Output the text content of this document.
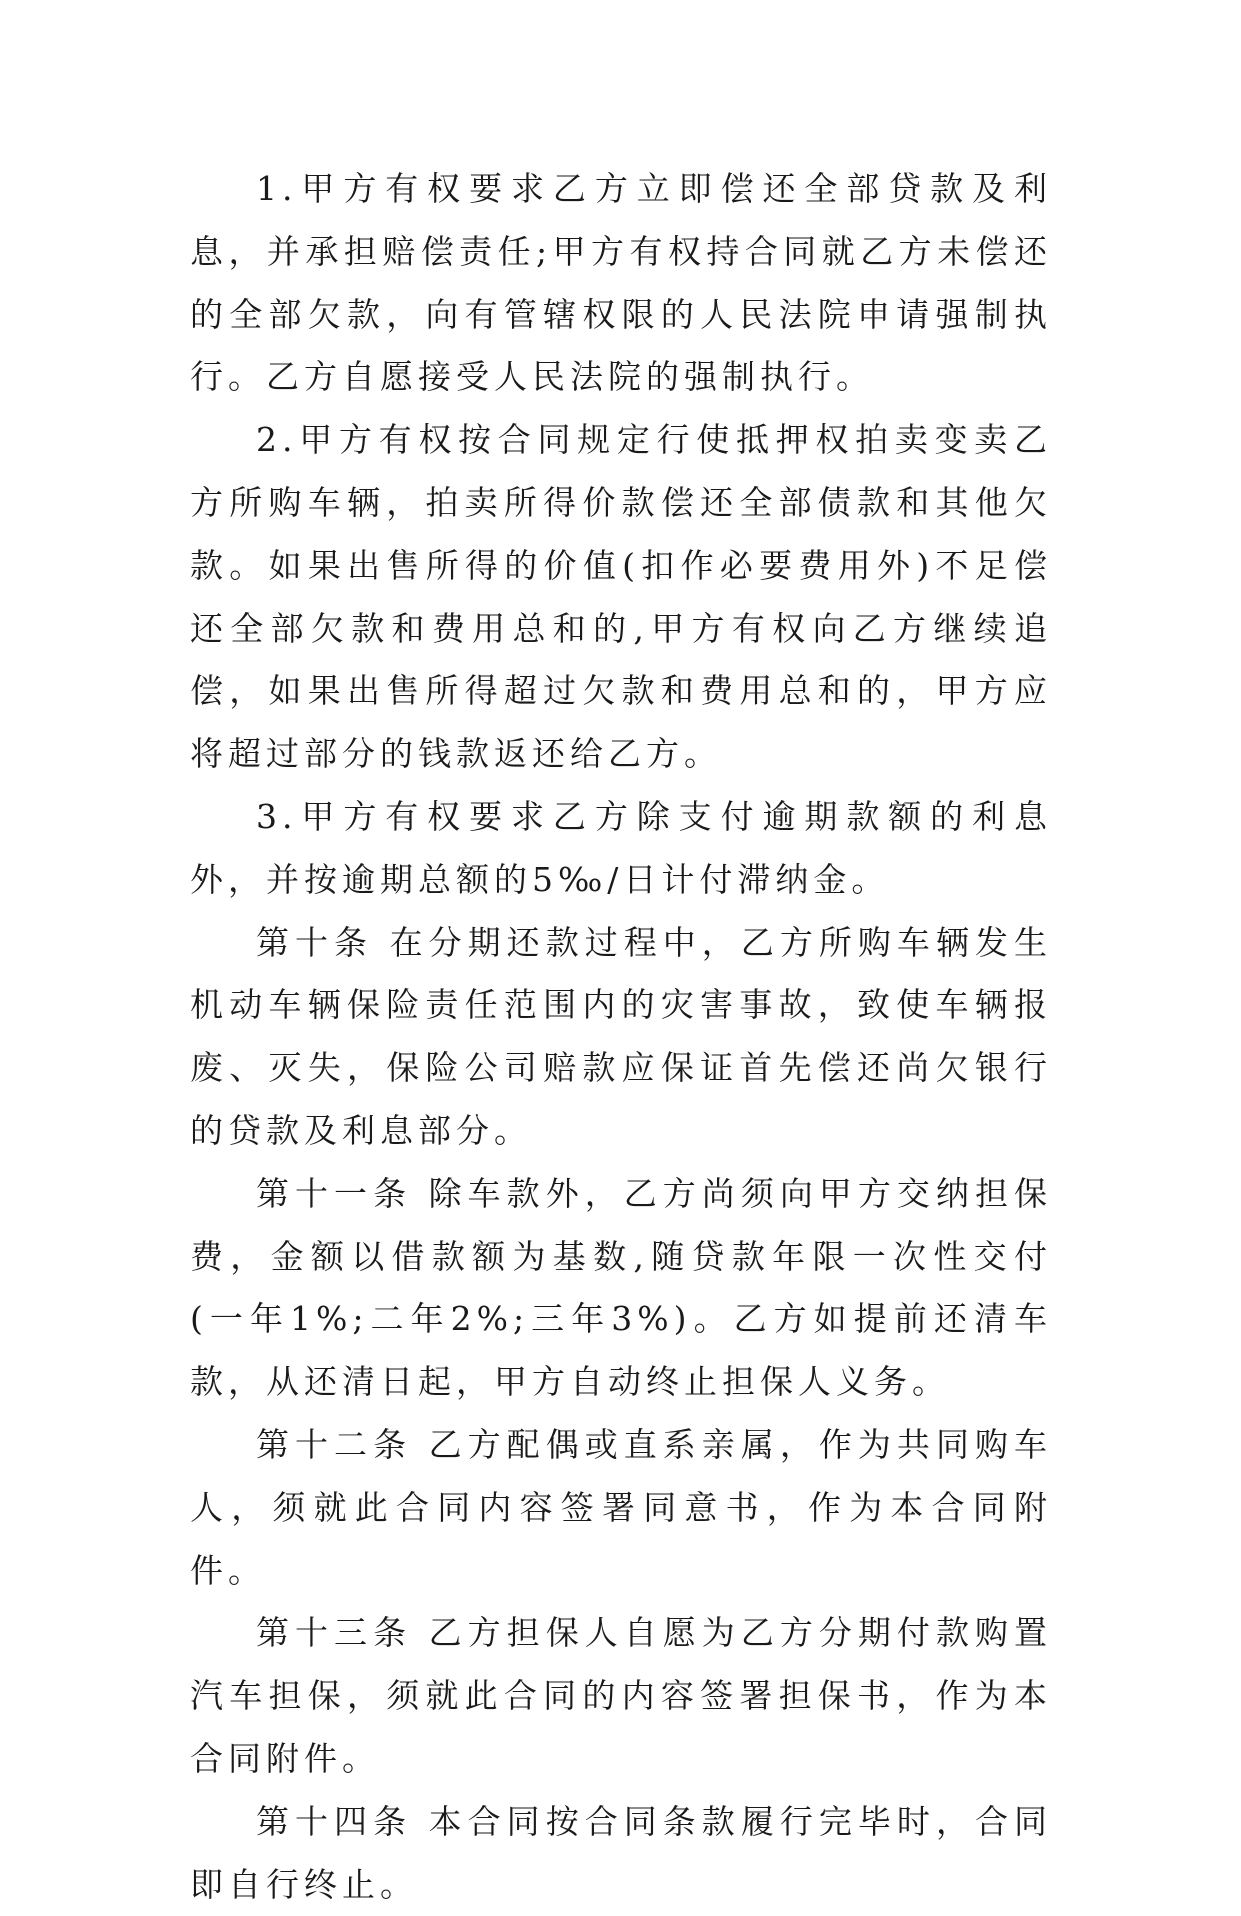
1.甲方有权要求乙方立即偿还全部贷款及利息，并承担赔偿责任;甲方有权持合同就乙方未偿还的全部欠款，向有管辖权限的人民法院申请强制执行。乙方自愿接受人民法院的强制执行。

2.甲方有权按合同规定行使抵押权拍卖变卖乙方所购车辆，拍卖所得价款偿还全部债款和其他欠款。如果出售所得的价值(扣作必要费用外)不足偿还全部欠款和费用总和的,甲方有权向乙方继续追偿，如果出售所得超过欠款和费用总和的，甲方应将超过部分的钱款返还给乙方。

3.甲方有权要求乙方除支付逾期款额的利息外，并按逾期总额的5‰/日计付滞纳金。

第十条 在分期还款过程中，乙方所购车辆发生机动车辆保险责任范围内的灾害事故，致使车辆报废、灭失，保险公司赔款应保证首先偿还尚欠银行的贷款及利息部分。

第十一条 除车款外，乙方尚须向甲方交纳担保费，金额以借款额为基数,随贷款年限一次性交付(一年1%;二年2%;三年3%)。乙方如提前还清车款，从还清日起，甲方自动终止担保人义务。

第十二条 乙方配偶或直系亲属，作为共同购车人，须就此合同内容签署同意书，作为本合同附件。

第十三条 乙方担保人自愿为乙方分期付款购置汽车担保，须就此合同的内容签署担保书，作为本合同附件。

第十四条 本合同按合同条款履行完毕时，合同即自行终止。
